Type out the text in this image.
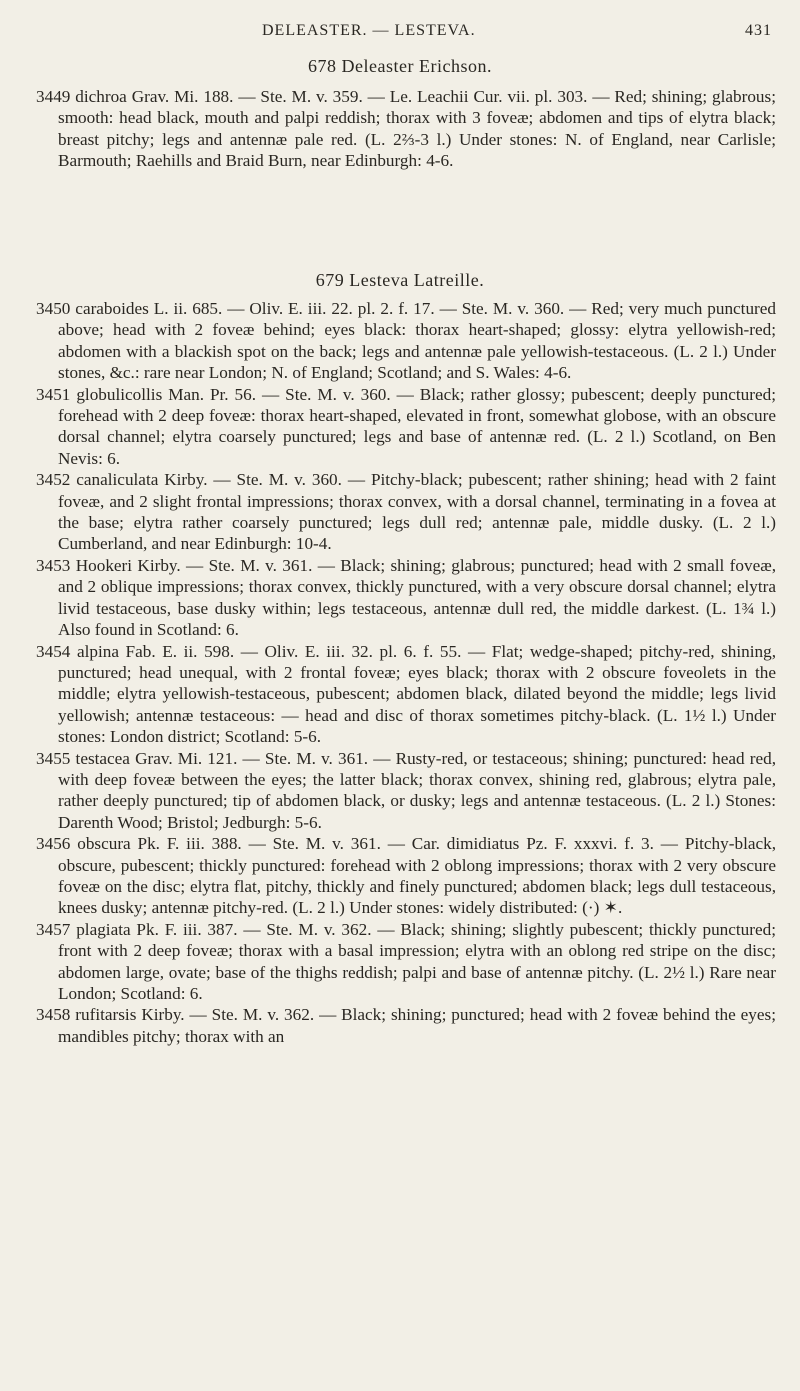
DELEASTER. — LESTEVA.	431
678 Deleaster Erichson.

3449 dichroa Grav. Mi. 188. — Ste. M. v. 359. — Le. Leachii Cur. vii. pl. 303. — Red; shining; glabrous; smooth: head black, mouth and palpi reddish; thorax with 3 foveæ; abdomen and tips of elytra black; breast pitchy; legs and antennæ pale red. (L. 2⅔-3 l.) Under stones: N. of England, near Carlisle; Barmouth; Raehills and Braid Burn, near Edinburgh: 4-6.

679 Lesteva Latreille.

3450 caraboides L. ii. 685. — Oliv. E. iii. 22. pl. 2. f. 17. — Ste. M. v. 360. — Red; very much punctured above; head with 2 foveæ behind; eyes black: thorax heart-shaped; glossy: elytra yellowish-red; abdomen with a blackish spot on the back; legs and antennæ pale yellowish-testaceous. (L. 2 l.) Under stones, &c.: rare near London; N. of England; Scotland; and S. Wales: 4-6.

3451 globulicollis Man. Pr. 56. — Ste. M. v. 360. — Black; rather glossy; pubescent; deeply punctured; forehead with 2 deep foveæ: thorax heart-shaped, elevated in front, somewhat globose, with an obscure dorsal channel; elytra coarsely punctured; legs and base of antennæ red. (L. 2 l.) Scotland, on Ben Nevis: 6.

3452 canaliculata Kirby. — Ste. M. v. 360. — Pitchy-black; pubescent; rather shining; head with 2 faint foveæ, and 2 slight frontal impressions; thorax convex, with a dorsal channel, terminating in a fovea at the base; elytra rather coarsely punctured; legs dull red; antennæ pale, middle dusky. (L. 2 l.) Cumberland, and near Edinburgh: 10-4.

3453 Hookeri Kirby. — Ste. M. v. 361. — Black; shining; glabrous; punctured; head with 2 small foveæ, and 2 oblique impressions; thorax convex, thickly punctured, with a very obscure dorsal channel; elytra livid testaceous, base dusky within; legs testaceous, antennæ dull red, the middle darkest. (L. 1¾ l.) Also found in Scotland: 6.

3454 alpina Fab. E. ii. 598. — Oliv. E. iii. 32. pl. 6. f. 55. — Flat; wedge-shaped; pitchy-red, shining, punctured; head unequal, with 2 frontal foveæ; eyes black; thorax with 2 obscure foveolets in the middle; elytra yellowish-testaceous, pubescent; abdomen black, dilated beyond the middle; legs livid yellowish; antennæ testaceous: — head and disc of thorax sometimes pitchy-black. (L. 1½ l.) Under stones: London district; Scotland: 5-6.

3455 testacea Grav. Mi. 121. — Ste. M. v. 361. — Rusty-red, or testaceous; shining; punctured: head red, with deep foveæ between the eyes; the latter black; thorax convex, shining red, glabrous; elytra pale, rather deeply punctured; tip of abdomen black, or dusky; legs and antennæ testaceous. (L. 2 l.) Stones: Darenth Wood; Bristol; Jedburgh: 5-6.

3456 obscura Pk. F. iii. 388. — Ste. M. v. 361. — Car. dimidiatus Pz. F. xxxvi. f. 3. — Pitchy-black, obscure, pubescent; thickly punctured: forehead with 2 oblong impressions; thorax with 2 very obscure foveæ on the disc; elytra flat, pitchy, thickly and finely punctured; abdomen black; legs dull testaceous, knees dusky; antennæ pitchy-red. (L. 2 l.) Under stones: widely distributed: (·) ✶.

3457 plagiata Pk. F. iii. 387. — Ste. M. v. 362. — Black; shining; slightly pubescent; thickly punctured; front with 2 deep foveæ; thorax with a basal impression; elytra with an oblong red stripe on the disc; abdomen large, ovate; base of the thighs reddish; palpi and base of antennæ pitchy. (L. 2½ l.) Rare near London; Scotland: 6.

3458 rufitarsis Kirby. — Ste. M. v. 362. — Black; shining; punctured; head with 2 foveæ behind the eyes; mandibles pitchy; thorax with an
